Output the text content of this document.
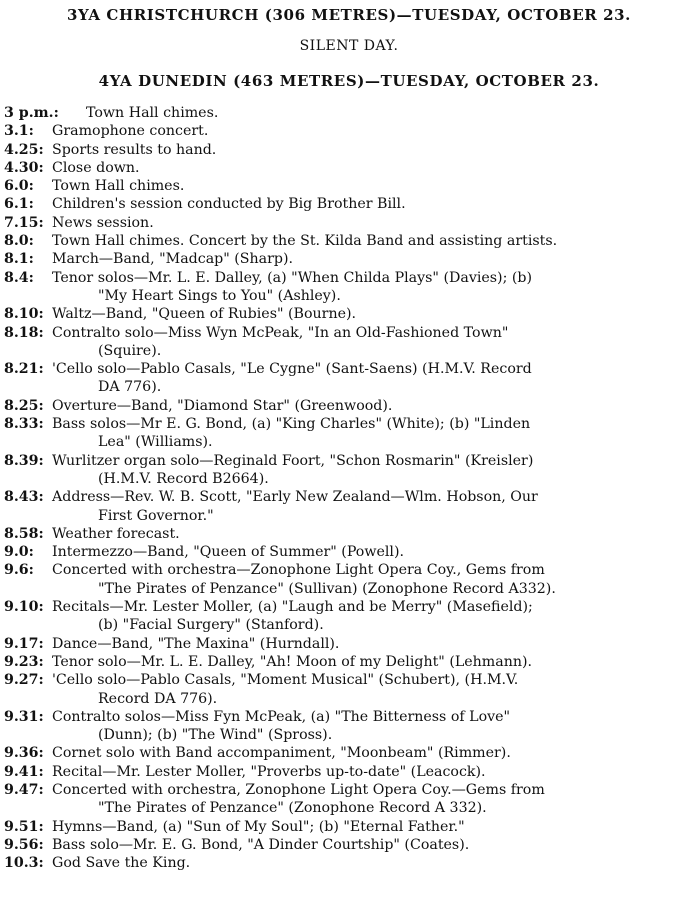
3YA CHRISTCHURCH (306 METRES)—TUESDAY, OCTOBER 23.
SILENT DAY.
4YA DUNEDIN (463 METRES)—TUESDAY, OCTOBER 23.
3 p.m.:	Town Hall chimes.
3.1:	Gramophone concert.
4.25: Sports results to hand.
4.30: Close down.
6.0:	Town Hall chimes.
6.1:	Children's session conducted by Big Brother Bill.
7.15: News session.
8.0:	Town Hall chimes. Concert by the St. Kilda Band and assisting artists.
8.1:	March—Band, "Madcap" (Sharp).
8.4:	Tenor solos—Mr. L. E. Dalley, (a) "When Childa Plays" (Davies); (b)
"My Heart Sings to You" (Ashley).
8.10: Waltz—Band, "Queen of Rubies" (Bourne).
8.18: Contralto solo—Miss Wyn McPeak, "In an Old-Fashioned Town"
(Squire).
8.21: 'Cello solo—Pablo Casals, "Le Cygne" (Sant-Saens) (H.M.V. Record
DA 776).
8.25: Overture—Band, "Diamond Star" (Greenwood).
8.33: Bass solos—Mr E. G. Bond, (a) "King Charles" (White); (b) "Linden
Lea" (Williams).
8.39: Wurlitzer organ solo—Reginald Foort, "Schon Rosmarin" (Kreisler)
(H.M.V. Record B2664).
8.43: Address—Rev. W. B. Scott, "Early New Zealand—Wlm. Hobson, Our
First Governor."
8.58: Weather forecast.
9.0:	Intermezzo—Band, "Queen of Summer" (Powell).
9.6:	Concerted with orchestra—Zonophone Light Opera Coy., Gems from
"The Pirates of Penzance" (Sullivan) (Zonophone Record A332).
9.10: Recitals—Mr. Lester Moller, (a) "Laugh and be Merry" (Masefield);
(b) "Facial Surgery" (Stanford).
9.17: Dance—Band, "The Maxina" (Hurndall).
9.23: Tenor solo—Mr. L. E. Dalley, "Ah! Moon of my Delight" (Lehmann).
9.27: 'Cello solo—Pablo Casals, "Moment Musical" (Schubert), (H.M.V.
Record DA 776).
9.31: Contralto solos—Miss Fyn McPeak, (a) "The Bitterness of Love"
(Dunn); (b) "The Wind" (Spross).
9.36: Cornet solo with Band accompaniment, "Moonbeam" (Rimmer).
9.41: Recital—Mr. Lester Moller, "Proverbs up-to-date" (Leacock).
9.47: Concerted with orchestra, Zonophone Light Opera Coy.—Gems from
"The Pirates of Penzance" (Zonophone Record A 332).
9.51: Hymns—Band, (a) "Sun of My Soul"; (b) "Eternal Father."
9.56: Bass solo—Mr. E. G. Bond, "A Dinder Courtship" (Coates).
10.3: God Save the King.
